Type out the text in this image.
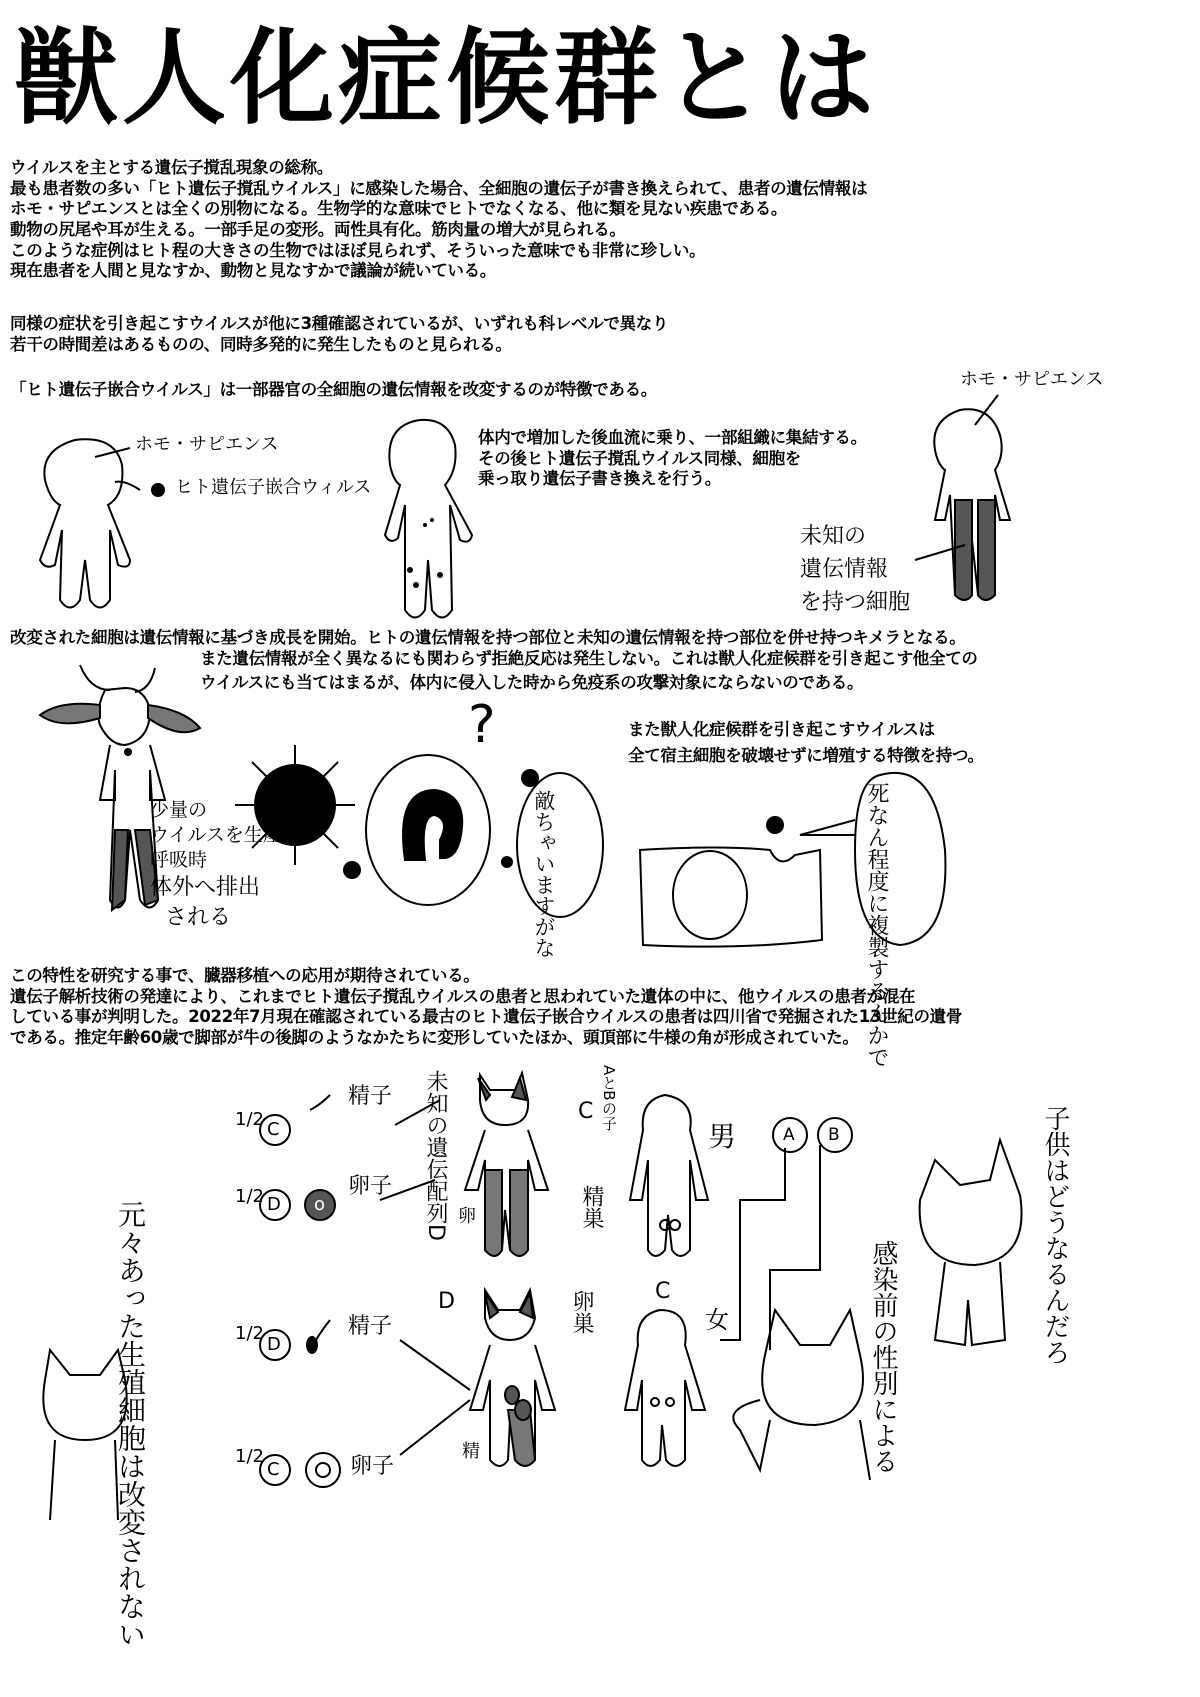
獣人化症候群とは
ウイルスを主とする遺伝子撹乱現象の総称。
最も患者数の多い「ヒト遺伝子撹乱ウイルス」に感染した場合、全細胞の遺伝子が書き換えられて、患者の遺伝情報は
ホモ・サピエンスとは全くの別物になる。生物学的な意味でヒトでなくなる、他に類を見ない疾患である。
動物の尻尾や耳が生える。一部手足の変形。両性具有化。筋肉量の増大が見られる。
このような症例はヒト程の大きさの生物ではほぼ見られず、そういった意味でも非常に珍しい。
現在患者を人間と見なすか、動物と見なすかで議論が続いている。
同様の症状を引き起こすウイルスが他に3種確認されているが、いずれも科レベルで異なり
若干の時間差はあるものの、同時多発的に発生したものと見られる。
「ヒト遺伝子嵌合ウイルス」は一部器官の全細胞の遺伝情報を改変するのが特徴である。
ホモ・サピエンス
ヒト遺伝子嵌合ウィルス
体内で増加した後血流に乗り、一部組織に集結する。
その後ヒト遺伝子撹乱ウイルス同様、細胞を
乗っ取り遺伝子書き換えを行う。
ホモ・サピエンス
未知の
遺伝情報
を持つ細胞
改変された細胞は遺伝情報に基づき成長を開始。ヒトの遺伝情報を持つ部位と未知の遺伝情報を持つ部位を併せ持つキメラとなる。
また遺伝情報が全く異なるにも関わらず拒絶反応は発生しない。これは獣人化症候群を引き起こす他全ての
ウイルスにも当てはまるが、体内に侵入した時から免疫系の攻撃対象にならないのである。
少量の
ウイルスを生産
呼吸時
体外へ排出
される
?
敵ちゃいますがな
また獣人化症候群を引き起こすウイルスは
全て宿主細胞を破壊せずに増殖する特徴を持つ。
死なん程度に複製するんかで
この特性を研究する事で、臓器移植への応用が期待されている。
遺伝子解析技術の発達により、これまでヒト遺伝子撹乱ウイルスの患者と思われていた遺体の中に、他ウイルスの患者が混在
している事が判明した。2022年7月現在確認されている最古のヒト遺伝子嵌合ウイルスの患者は四川省で発掘された13世紀の遺骨
である。推定年齢60歳で脚部が牛の後脚のようなかたちに変形していたほか、頭頂部に牛様の角が形成されていた。
1/2 C
精子
1/2 D o
卵子
1/2
D
精子
1/2
C	卵子
未知の遺伝配列D 卵	精巣
D	卵巣
精
C AとBの子
C
男
女
A B
元々あった生殖細胞は改変されない	感染前の性別による	子供はどうなるんだろ
